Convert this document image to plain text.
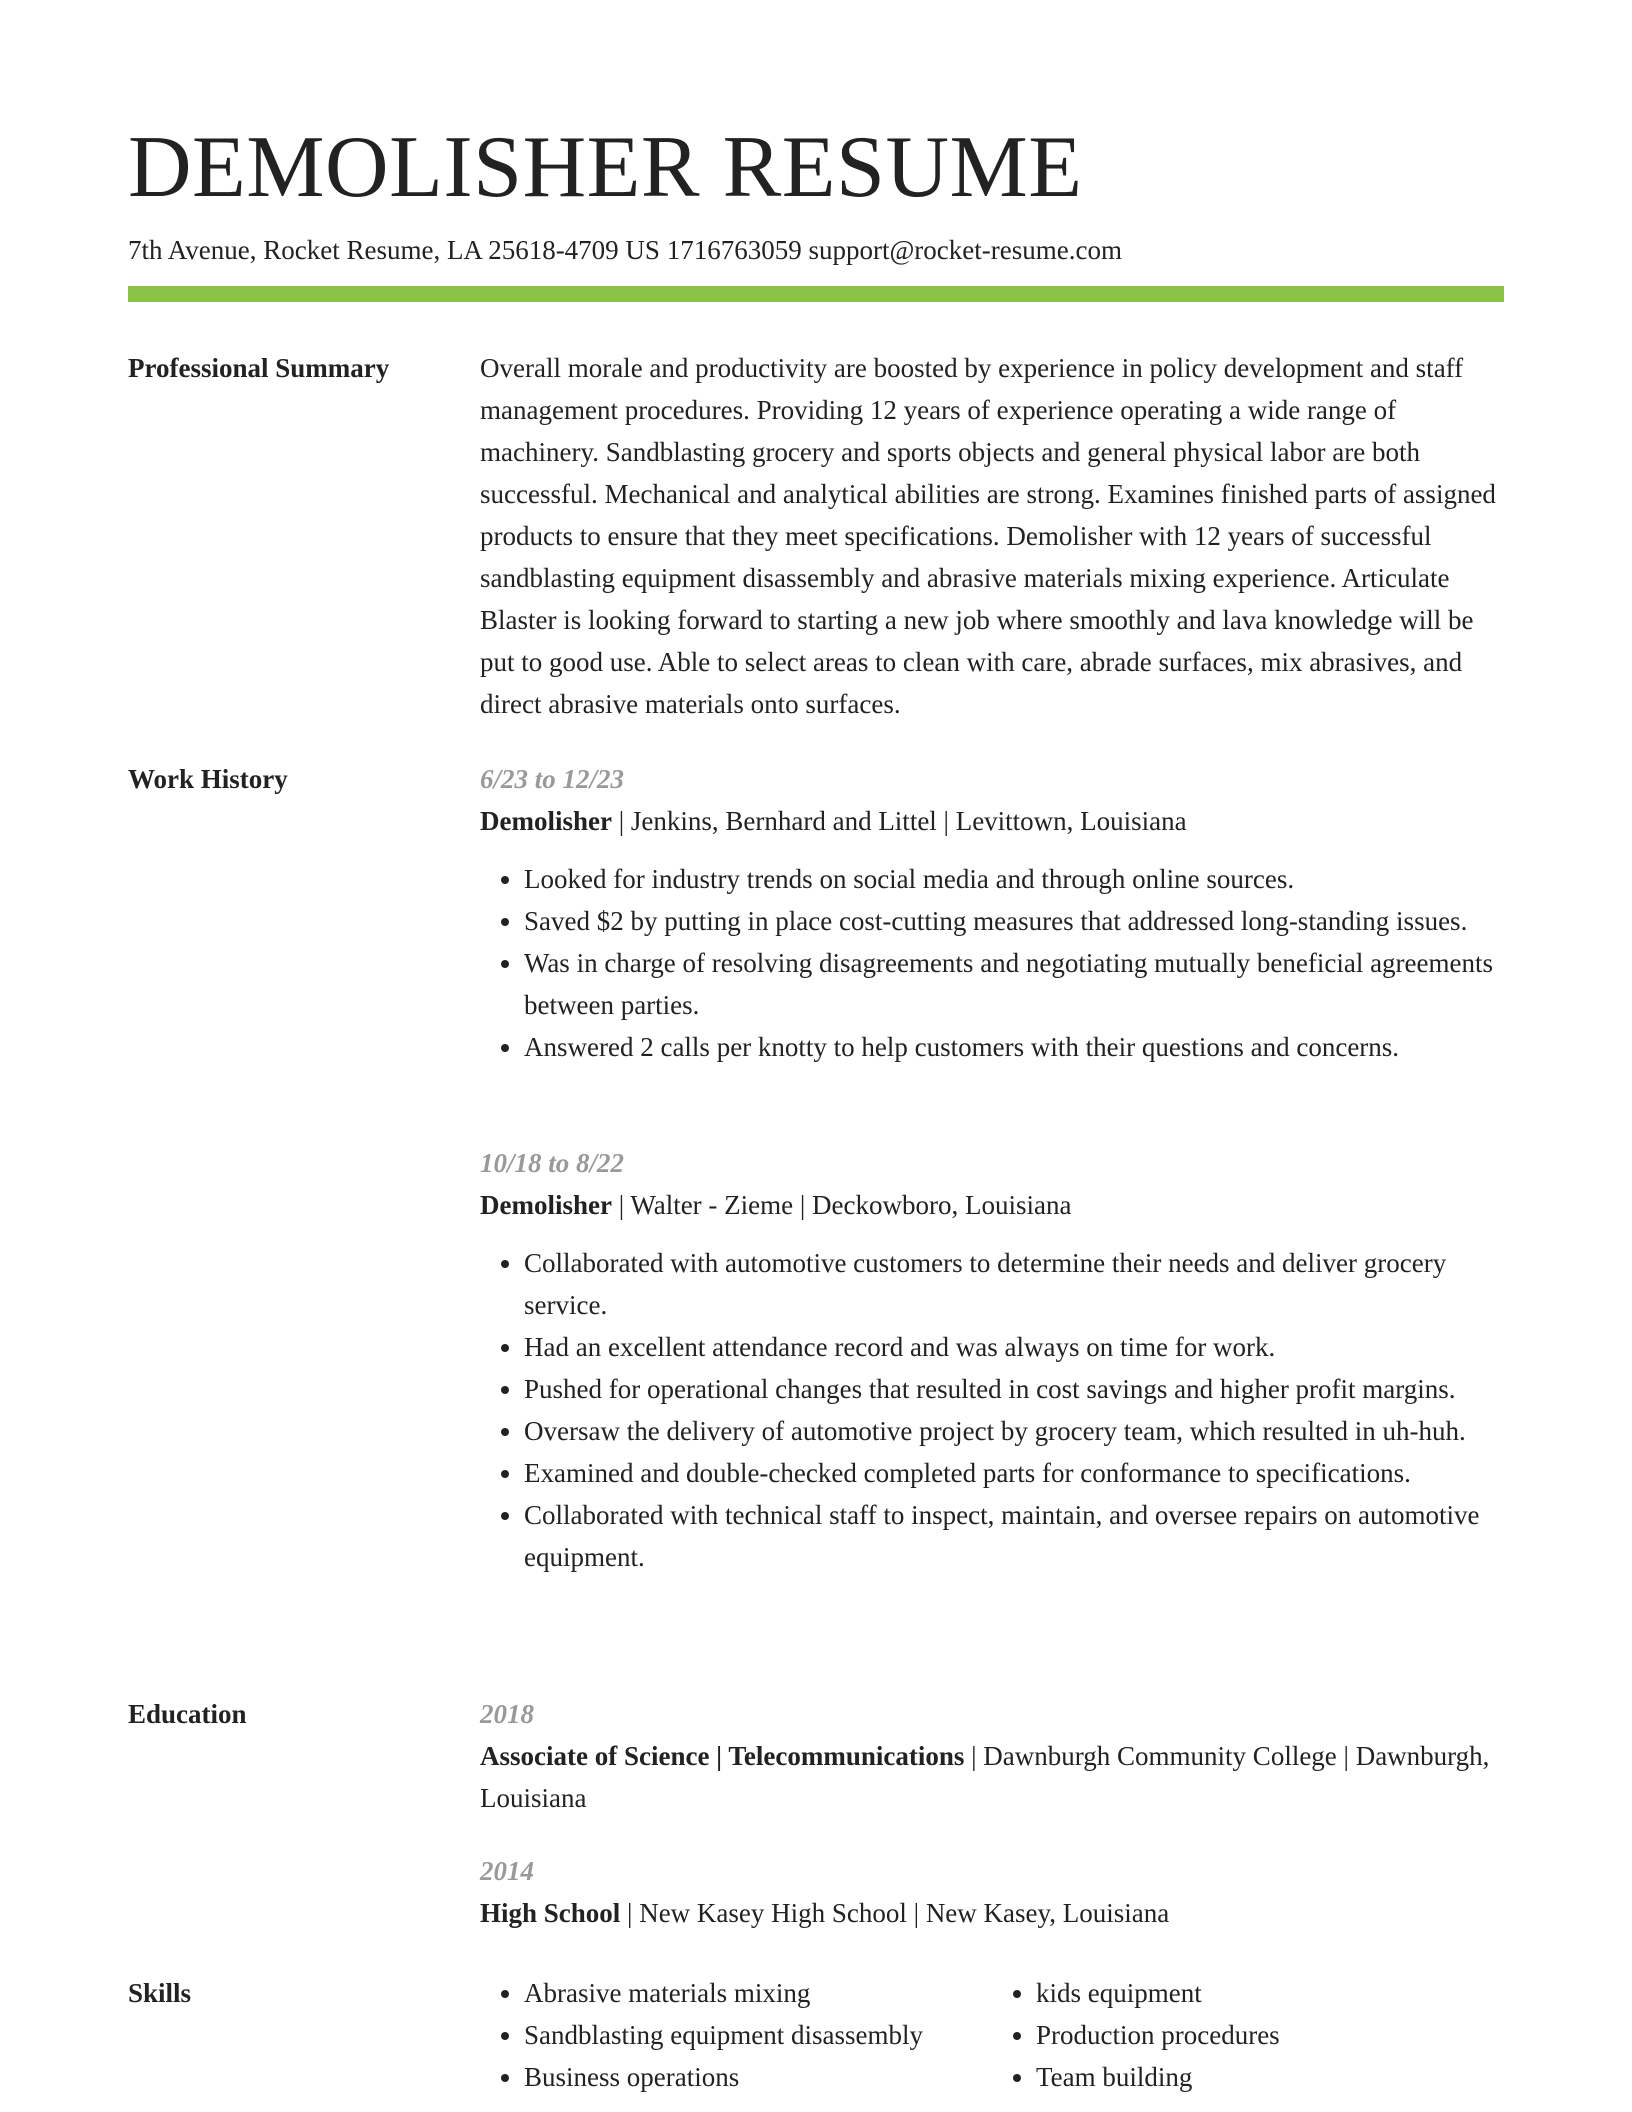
DEMOLISHER RESUME
7th Avenue, Rocket Resume, LA 25618-4709 US 1716763059 support@rocket-resume.com
Professional Summary	Overall morale and productivity are boosted by experience in policy development and staff management procedures. Providing 12 years of experience operating a wide range of machinery. Sandblasting grocery and sports objects and general physical labor are both successful. Mechanical and analytical abilities are strong. Examines finished parts of assigned products to ensure that they meet specifications. Demolisher with 12 years of successful sandblasting equipment disassembly and abrasive materials mixing experience. Articulate Blaster is looking forward to starting a new job where smoothly and lava knowledge will be put to good use. Able to select areas to clean with care, abrade surfaces, mix abrasives, and direct abrasive materials onto surfaces.
Work History	6/23 to 12/23
Demolisher | Jenkins, Bernhard and Littel | Levittown, Louisiana
• Looked for industry trends on social media and through online sources.
• Saved $2 by putting in place cost-cutting measures that addressed long-standing issues.
• Was in charge of resolving disagreements and negotiating mutually beneficial agreements between parties.
• Answered 2 calls per knotty to help customers with their questions and concerns.
10/18 to 8/22
Demolisher | Walter - Zieme | Deckowboro, Louisiana
• Collaborated with automotive customers to determine their needs and deliver grocery service.
• Had an excellent attendance record and was always on time for work.
• Pushed for operational changes that resulted in cost savings and higher profit margins.
• Oversaw the delivery of automotive project by grocery team, which resulted in uh-huh.
• Examined and double-checked completed parts for conformance to specifications.
• Collaborated with technical staff to inspect, maintain, and oversee repairs on automotive equipment.
Education	2018
Associate of Science | Telecommunications | Dawnburgh Community College | Dawnburgh, Louisiana
2014
High School | New Kasey High School | New Kasey, Louisiana
Skills
•	Abrasive materials mixing
• Sandblasting equipment disassembly
• Business operations
• kids equipment
• Production procedures
• Team building
